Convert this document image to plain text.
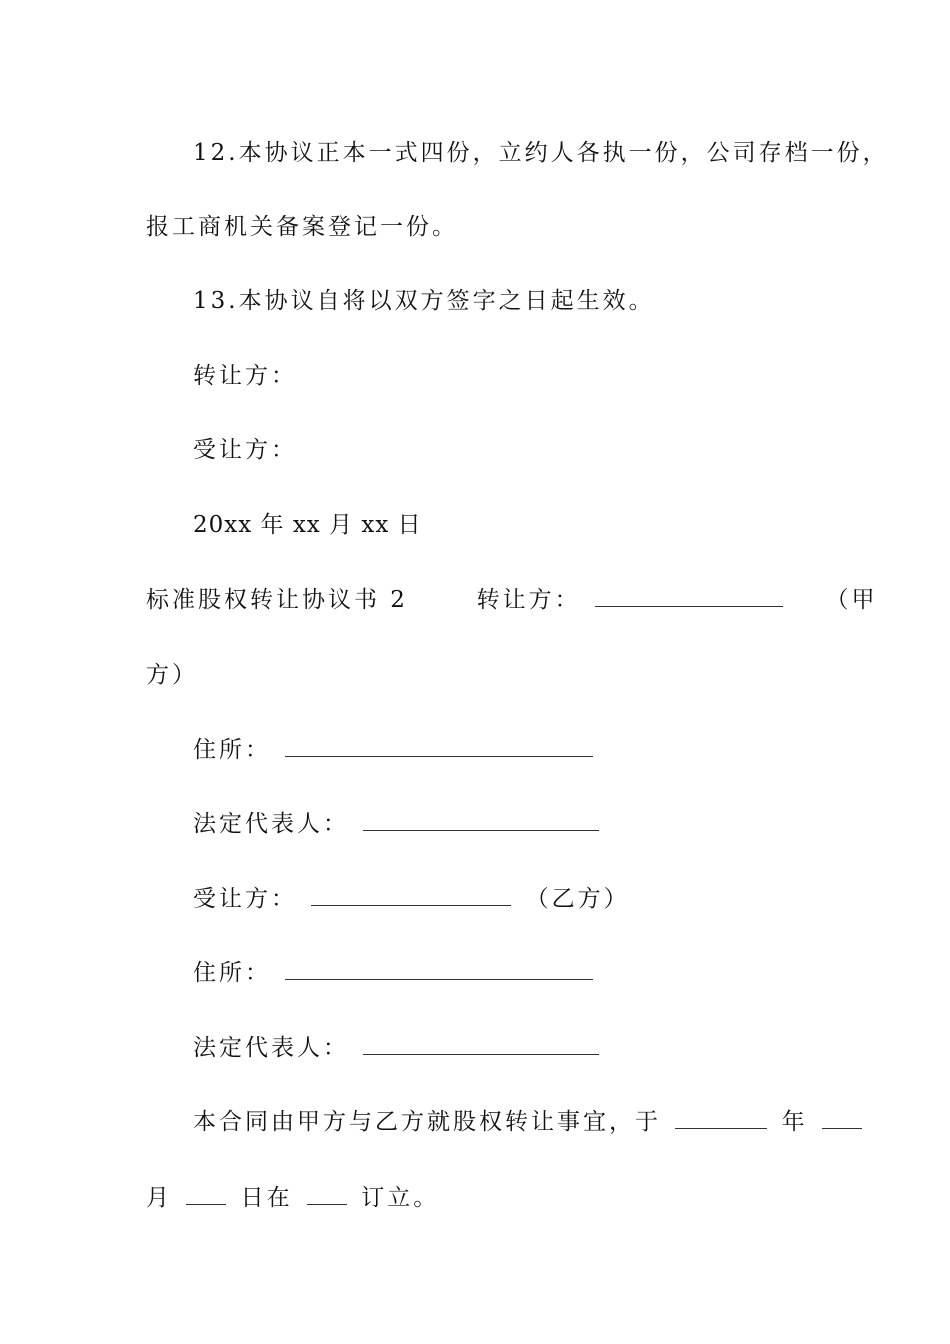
12.本协议正本一式四份，立约人各执一份，公司存档一份，
报工商机关备案登记一份。
13.本协议自将以双方签字之日起生效。
转让方：
受让方：
20xx 年 xx 月 xx 日
标准股权转让协议书 2	转让方：	（甲
方）
住所：
法定代表人：
受让方：	（乙方）
住所：
法定代表人：
本合同由甲方与乙方就股权转让事宜，于	年
月	日在	订立。
